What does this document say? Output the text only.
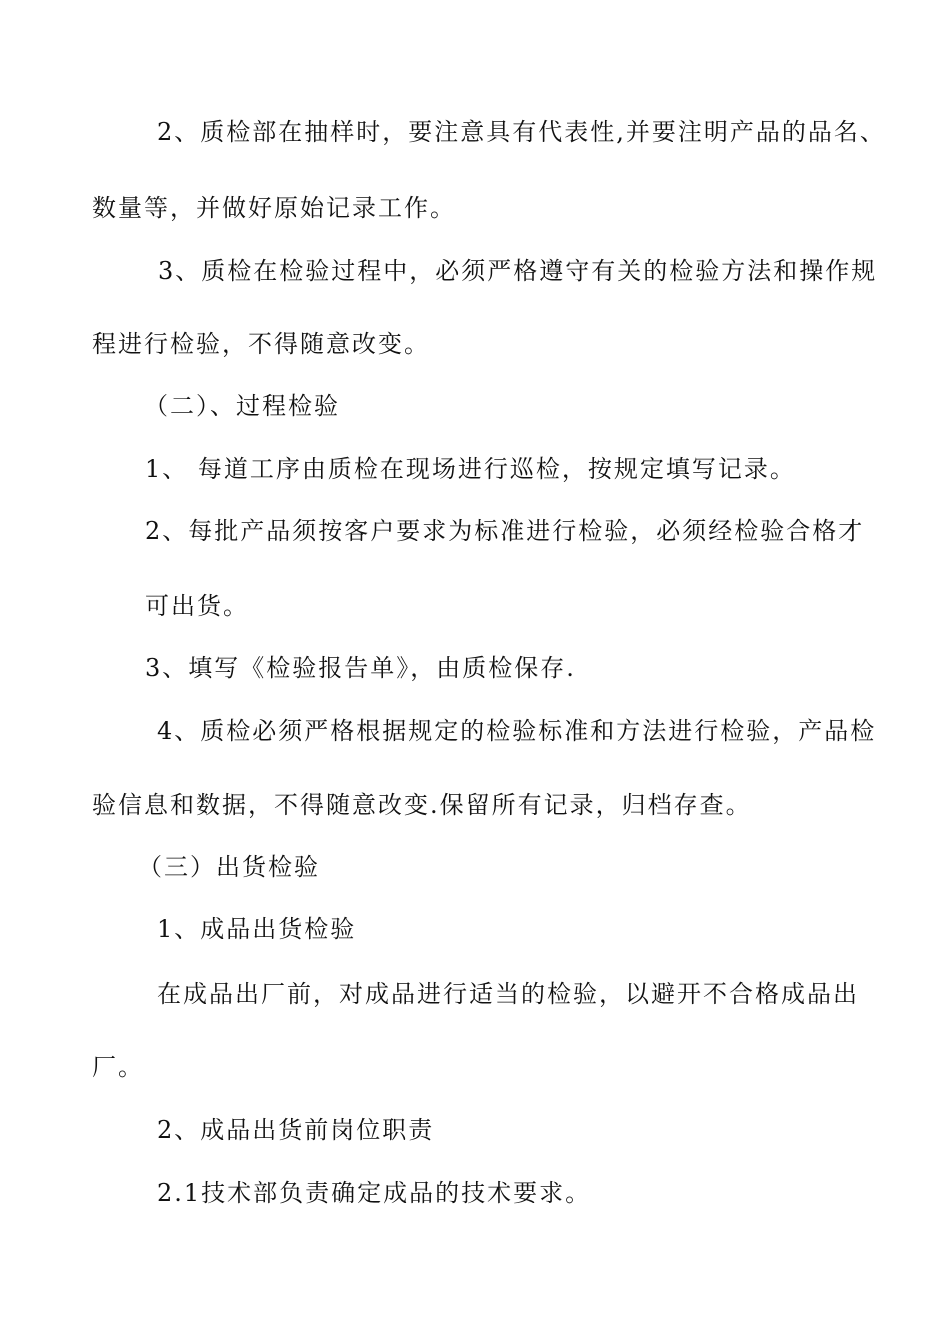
2、质检部在抽样时，要注意具有代表性,并要注明产品的品名、
数量等，并做好原始记录工作。
3、质检在检验过程中，必须严格遵守有关的检验方法和操作规
程进行检验，不得随意改变。
（二）、过程检验
1、 每道工序由质检在现场进行巡检，按规定填写记录。
2、每批产品须按客户要求为标准进行检验，必须经检验合格才
可出货。
3、填写《检验报告单》，由质检保存.
4、质检必须严格根据规定的检验标准和方法进行检验，产品检
验信息和数据，不得随意改变.保留所有记录，归档存查。
（三）出货检验
1、成品出货检验
在成品出厂前，对成品进行适当的检验，以避开不合格成品出
厂。
2、成品出货前岗位职责
2.1技术部负责确定成品的技术要求。
